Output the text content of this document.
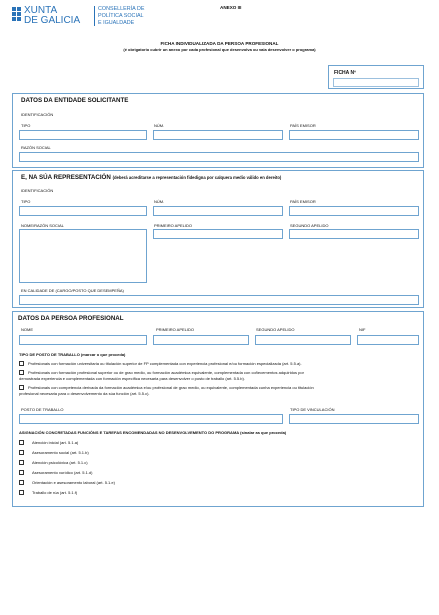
XUNTA
DE GALICIA
CONSELLERÍA DE
POLÍTICA SOCIAL
E IGUALDADE
ANEXO III
FICHA INDIVIDUALIZADA DA PERSOA PROFESIONAL
(é obrigatorio cubrir un anexo por cada profesional que desenvolva ou vaia desenvolver o programa)
FICHA Nº
DATOS DA ENTIDADE SOLICITANTE
IDENTIFICACIÓN
TIPO	NÚM.	PAÍS EMISOR
RAZÓN SOCIAL
E, NA SÚA REPRESENTACIÓN (deberá acreditarse a representación fidedigna por calquera medio válido en dereito)
IDENTIFICACIÓN
TIPO	NÚM.	PAÍS EMISOR
NOME/RAZÓN SOCIAL	PRIMEIRO APELIDO	SEGUNDO APELIDO
EN CALIDADE DE (CARGO/POSTO QUE DESEMPEÑA)
DATOS DA PERSOA PROFESIONAL
NOME	PRIMEIRO APELIDO	SEGUNDO APELIDO	NIF
TIPO DE POSTO DE TRABALLO (marcar o que proceda)
Profesionais con formación universitaria ou titulación superior de FP complementada con experiencia profesional e/ou formación especializada (art. 5.5.a).
Profesionais con formación profesional superior ou de grao medio, ou formación académica equivalente, complementada con coñecementos adquiridos por
demostrada experiencia e complementada con formación específica necesaria para desenvolver o posto de traballo (art. 5.5.b).
Profesionais con competencia derivada da formación académica e/ou profesional de grao medio, ou equivalente, complementada cunha experiencia ou titulación
profesional necesaria para o desenvolvemento da súa función (art. 5.5.c).
POSTO DE TRABALLO	TIPO DE VINCULACIÓN
ASIGNACIÓN CONCRETADAS FUNCIÓNS E TAREFAS ENCOMENDADAS NO DESENVOLVEMENTO DO PROGRAMA (sinalar as que proceda)
Atención inicial (art. 5.1.a)
Asesoramento social (art. 5.1.b)
Atención psicolóxica (art. 5.1.c)
Asesoramento xurídico (art. 5.1.d)
Orientación e asesoramento laboral (art. 5.1.e)
Traballo de rúa (art. 5.1.f)
